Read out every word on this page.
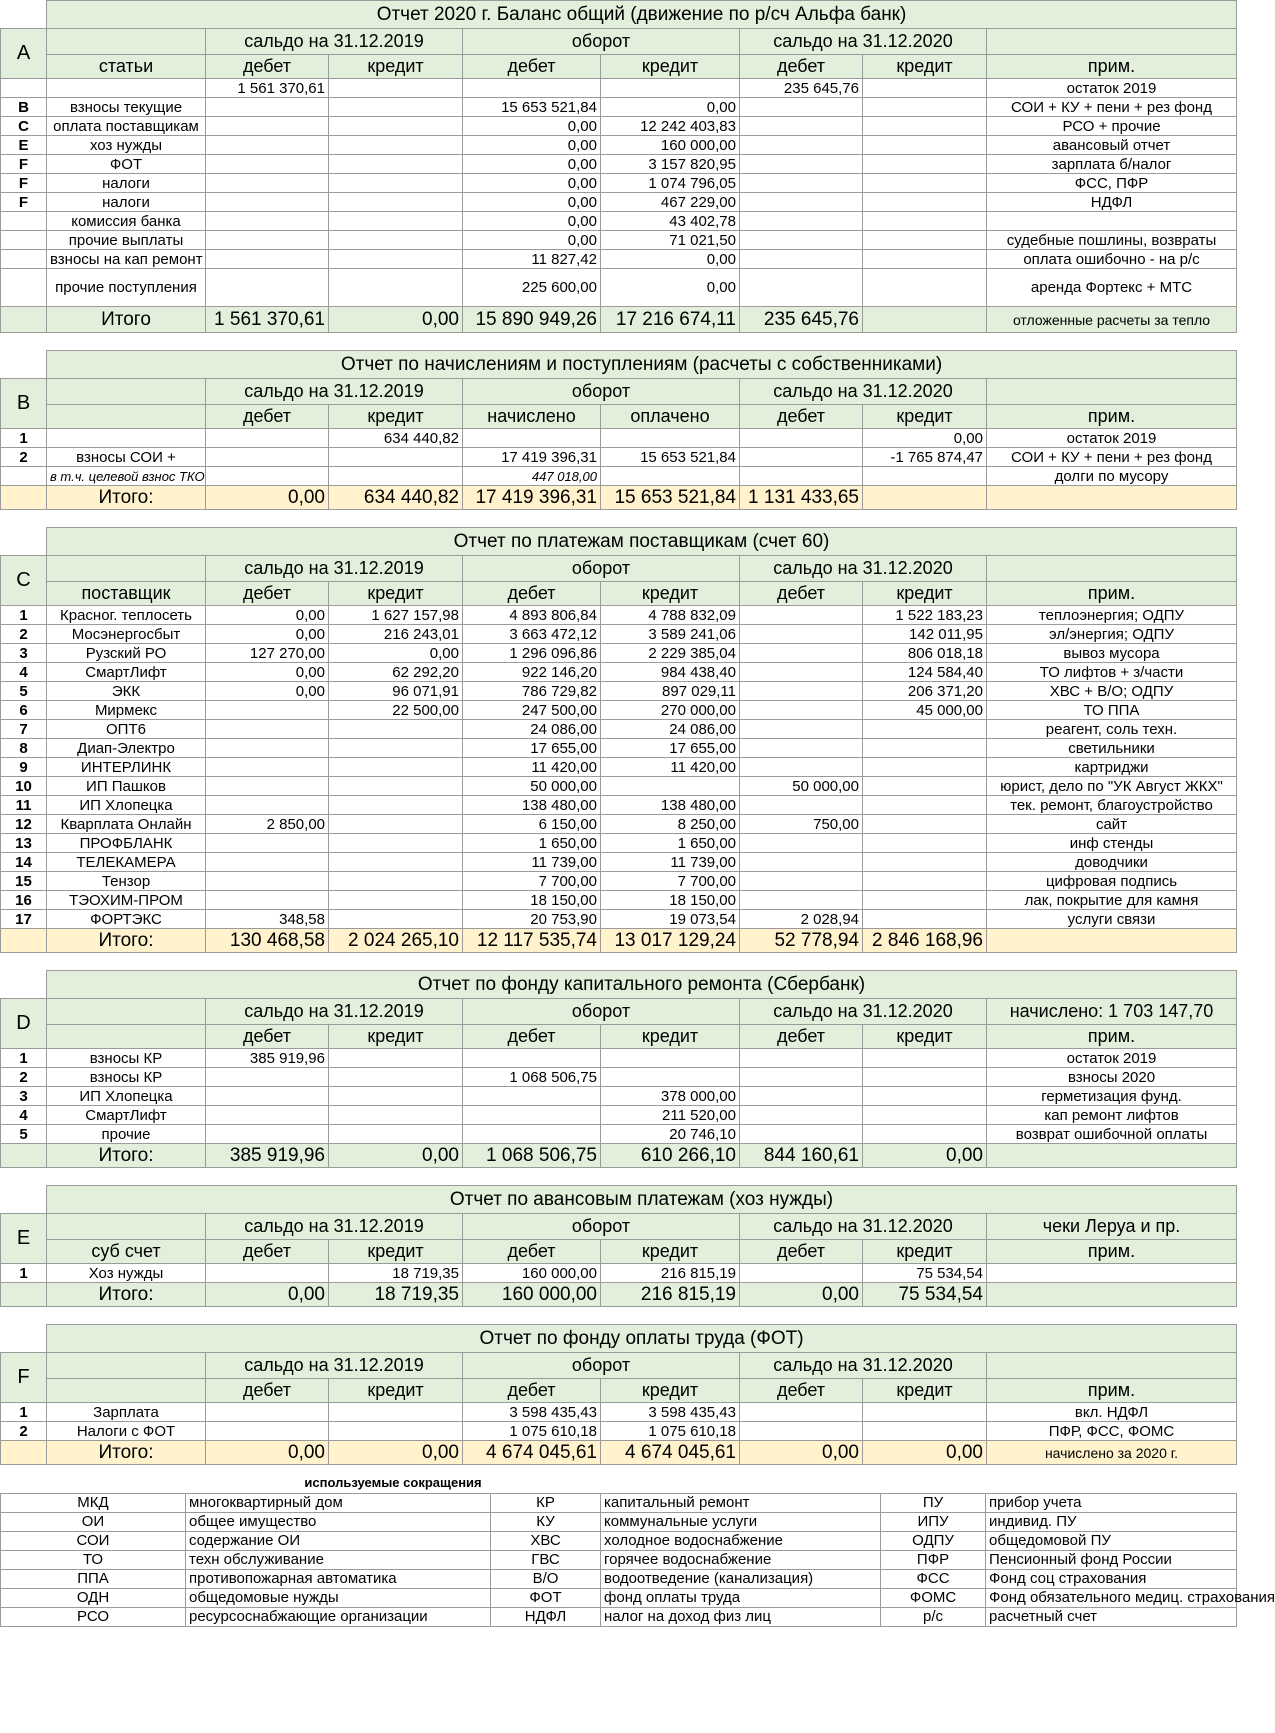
	Отчет 2020 г. Баланс общий (движение по р/сч Альфа банк)							
A		сальдо на 31.12.2019		оборот		сальдо на 31.12.2020		
	статьи	дебет	кредит	дебет	кредит	дебет	кредит	прим.
		1 561 370,61				235 645,76		остаток 2019
B	взносы текущие			15 653 521,84	0,00			СОИ + КУ + пени + рез фонд
C	оплата поставщикам			0,00	12 242 403,83			РСО + прочие
E	хоз нужды			0,00	160 000,00			авансовый отчет
F	ФОТ			0,00	3 157 820,95			зарплата б/налог
F	налоги			0,00	1 074 796,05			ФСС, ПФР
F	налоги			0,00	467 229,00			НДФЛ
	комиссия банка			0,00	43 402,78			
	прочие выплаты			0,00	71 021,50			судебные пошлины, возвраты
	взносы на кап ремонт			11 827,42	0,00			оплата ошибочно - на р/с
	прочие поступления			225 600,00	0,00			аренда Фортекс + МТС
	Итого	1 561 370,61	0,00	15 890 949,26	17 216 674,11	235 645,76		отложенные расчеты за тепло

	Отчет по начислениям и поступлениям (расчеты с собственниками)							
B		сальдо на 31.12.2019		оборот		сальдо на 31.12.2020		
		дебет	кредит	начислено	оплачено	дебет	кредит	прим.
1			634 440,82				0,00	остаток 2019
2	взносы СОИ +			17 419 396,31	15 653 521,84		-1 765 874,47	СОИ + КУ + пени + рез фонд
	в т.ч. целевой взнос ТКО			447 018,00				долги по мусору
	Итого:	0,00	634 440,82	17 419 396,31	15 653 521,84	1 131 433,65		

	Отчет по платежам поставщикам (счет 60)							
C		сальдо на 31.12.2019		оборот		сальдо на 31.12.2020		
	поставщик	дебет	кредит	дебет	кредит	дебет	кредит	прим.
1	Красног. теплосеть	0,00	1 627 157,98	4 893 806,84	4 788 832,09		1 522 183,23	теплоэнергия; ОДПУ
2	Мосэнергосбыт	0,00	216 243,01	3 663 472,12	3 589 241,06		142 011,95	эл/энергия; ОДПУ
3	Рузский РО	127 270,00	0,00	1 296 096,86	2 229 385,04		806 018,18	вывоз мусора
4	СмартЛифт	0,00	62 292,20	922 146,20	984 438,40		124 584,40	ТО лифтов + з/части
5	ЭКК	0,00	96 071,91	786 729,82	897 029,11		206 371,20	ХВС + В/О; ОДПУ
6	Мирмекс		22 500,00	247 500,00	270 000,00		45 000,00	ТО ППА
7	ОПТ6			24 086,00	24 086,00			реагент, соль техн.
8	Диап-Электро			17 655,00	17 655,00			светильники
9	ИНТЕРЛИНК			11 420,00	11 420,00			картриджи
10	ИП Пашков			50 000,00		50 000,00		юрист, дело по "УК Август ЖКХ"
11	ИП Хлопецка			138 480,00	138 480,00			тек. ремонт, благоустройство
12	Кварплата Онлайн	2 850,00		6 150,00	8 250,00	750,00		сайт
13	ПРОФБЛАНК			1 650,00	1 650,00			инф стенды
14	ТЕЛЕКАМЕРА			11 739,00	11 739,00			доводчики
15	Тензор			7 700,00	7 700,00			цифровая подпись
16	ТЭОХИМ-ПРОМ			18 150,00	18 150,00			лак, покрытие для камня
17	ФОРТЭКС	348,58		20 753,90	19 073,54	2 028,94		услуги связи
	Итого:	130 468,58	2 024 265,10	12 117 535,74	13 017 129,24	52 778,94	2 846 168,96	

	Отчет по фонду капитального ремонта (Сбербанк)							
D		сальдо на 31.12.2019		оборот		сальдо на 31.12.2020		начислено: 1 703 147,70
		дебет	кредит	дебет	кредит	дебет	кредит	прим.
1	взносы КР	385 919,96						остаток 2019
2	взносы КР			1 068 506,75				взносы 2020
3	ИП Хлопецка				378 000,00			герметизация фунд.
4	СмартЛифт				211 520,00			кап ремонт лифтов
5	прочие				20 746,10			возврат ошибочной оплаты
	Итого:	385 919,96	0,00	1 068 506,75	610 266,10	844 160,61	0,00	

	Отчет по авансовым платежам (хоз нужды)							
E		сальдо на 31.12.2019		оборот		сальдо на 31.12.2020		чеки Леруа и пр.
	суб счет	дебет	кредит	дебет	кредит	дебет	кредит	прим.
1	Хоз нужды		18 719,35	160 000,00	216 815,19		75 534,54	
	Итого:	0,00	18 719,35	160 000,00	216 815,19	0,00	75 534,54	

	Отчет по фонду оплаты труда (ФОТ)							
F		сальдо на 31.12.2019		оборот		сальдо на 31.12.2020		
		дебет	кредит	дебет	кредит	дебет	кредит	прим.
1	Зарплата			3 598 435,43	3 598 435,43			вкл. НДФЛ
2	Налоги с ФОТ			1 075 610,18	1 075 610,18			ПФР, ФСС, ФОМС
	Итого:	0,00	0,00	4 674 045,61	4 674 045,61	0,00	0,00	начислено за 2020 г.
	используемые сокращения				
МКД	многоквартирный дом	КР	капитальный ремонт	ПУ	прибор учета
ОИ	общее имущество	КУ	коммунальные услуги	ИПУ	индивид. ПУ
СОИ	содержание ОИ	ХВС	холодное водоснабжение	ОДПУ	общедомовой ПУ
ТО	техн обслуживание	ГВС	горячее водоснабжение	ПФР	Пенсионный фонд России
ППА	противопожарная автоматика	В/О	водоотведение (канализация)	ФСС	Фонд соц страхования
ОДН	общедомовые нужды	ФОТ	фонд оплаты труда	ФОМС	Фонд обязательного медиц. страхования
РСО	ресурсоснабжающие организации	НДФЛ	налог на доход физ лиц	р/с	расчетный счет
